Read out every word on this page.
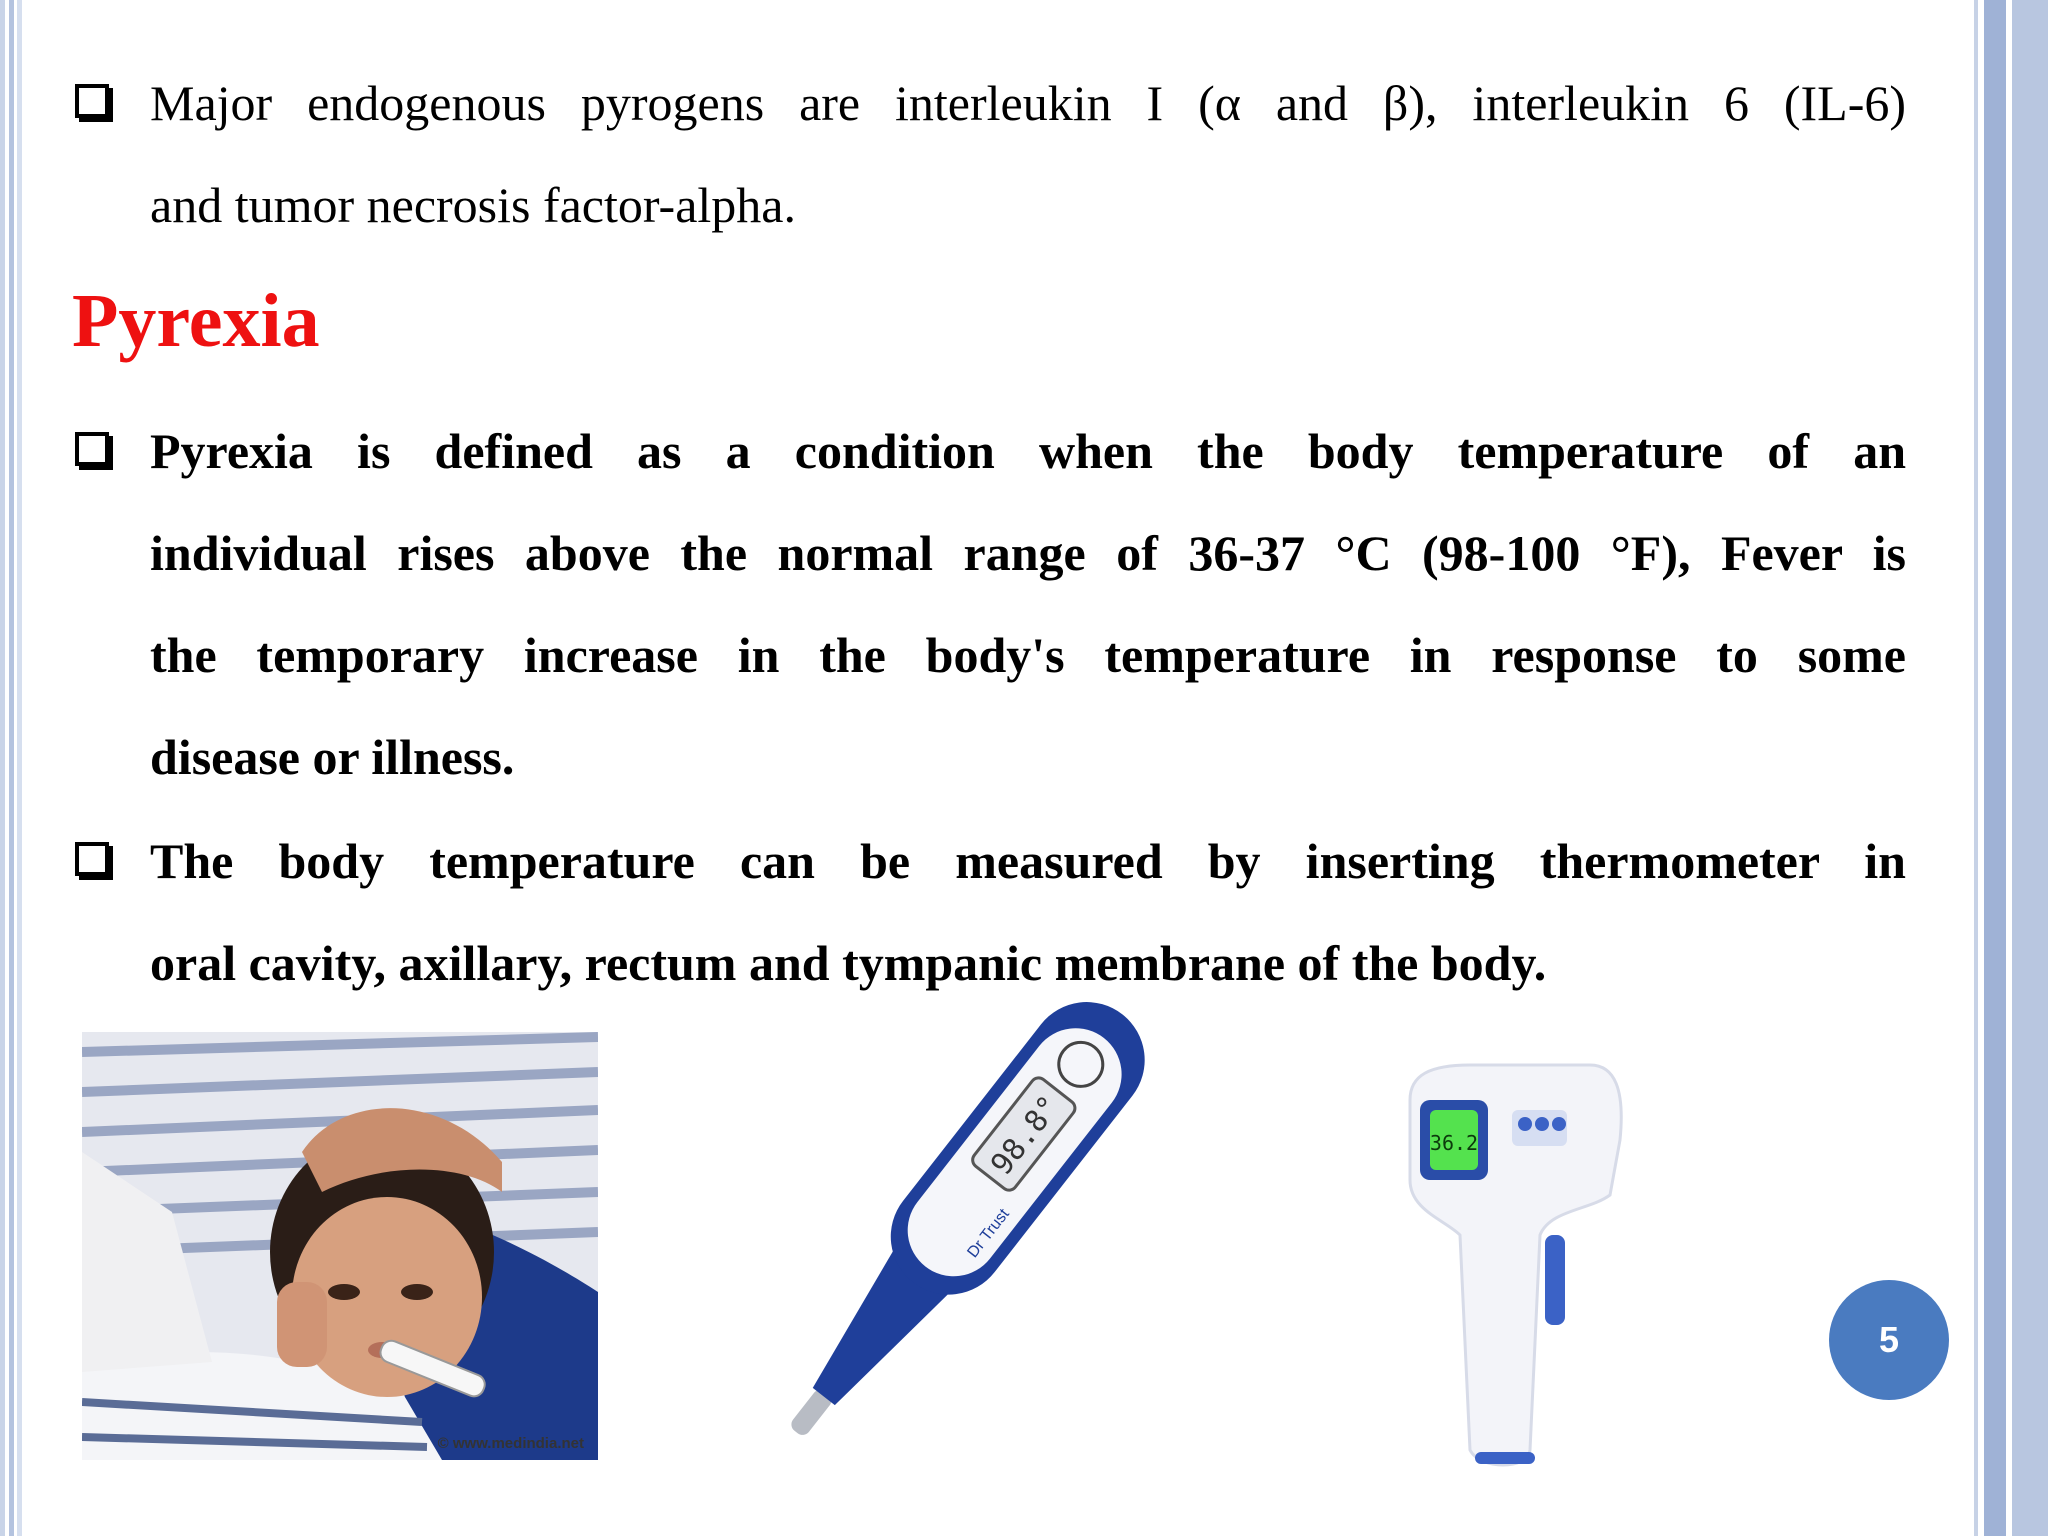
Major endogenous pyrogens are interleukin I (α and β), interleukin 6 (IL-6)
and tumor necrosis factor-alpha.
Pyrexia
Pyrexia is defined as a condition when the body temperature of an
individual rises above the normal range of 36-37 °C (98-100 °F), Fever is
the temporary increase in the body's temperature in response to some
disease or illness.
The body temperature can be measured by inserting thermometer in
oral cavity, axillary, rectum and tympanic membrane of the body.
© www.medindia.net
98.8°
Dr Trust
36.2
5
